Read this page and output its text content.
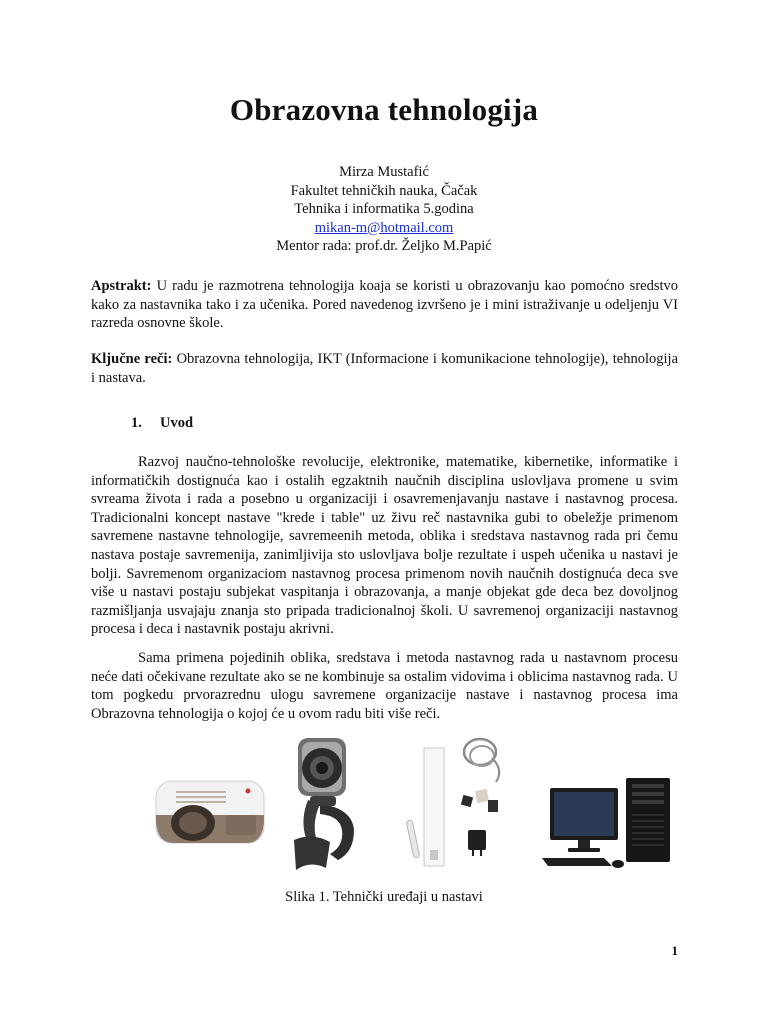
Obrazovna tehnologija
Mirza Mustafić
Fakultet tehničkih nauka, Čačak
Tehnika i informatika 5.godina
mikan-m@hotmail.com
Mentor rada: prof.dr. Željko M.Papić
Apstrakt: U radu je razmotrena tehnologija koaja se koristi u obrazovanju kao pomoćno sredstvo kako za nastavnika tako i za učenika. Pored navedenog izvršeno je i mini istraživanje u odeljenju VI razreda osnovne škole.
Ključne reči: Obrazovna tehnologija, IKT (Informacione i komunikacione tehnologije), tehnologija i nastava.
1. Uvod
Razvoj naučno-tehnološke revolucije, elektronike, matematike, kibernetike, informatike i informatičkih dostignuća kao i ostalih egzaktnih naučnih disciplina uslovljava promene u svim svreama života i rada a posebno u organizaciji i osavremenjavanju nastave i nastavnog procesa. Tradicionalni koncept nastave "krede i table" uz živu reč nastavnika gubi to obeležje primenom savremene nastavne tehnologije, savremeenih metoda, oblika i sredstava nastavnog rada pri čemu nastava postaje savremenija, zanimljivija sto uslovljava bolje rezultate i uspeh učenika u nastavi je bolji. Savremenom organizaciom nastavnog procesa primenom novih naučnih dostignuća deca sve više u nastavi postaju subjekat vaspitanja i obrazovanja, a manje objekat gde deca bez dovoljnog razmišljanja usvajaju znanja sto pripada tradicionalnoj školi. U savremenoj organizaciji nastavnog procesa i deca i nastavnik postaju akrivni.
Sama primena pojedinih oblika, sredstava i metoda nastavnog rada u nastavnom procesu neće dati očekivane rezultate ako se ne kombinuje sa ostalim vidovima i oblicima nastavnog rada. U tom pogkedu prvorazrednu ulogu savremene organizacije nastave i nastavnog procesa ima Obrazovna tehnologija o kojoj će u ovom radu biti više reči.
Slika 1. Tehnički uređaji u nastavi
1
